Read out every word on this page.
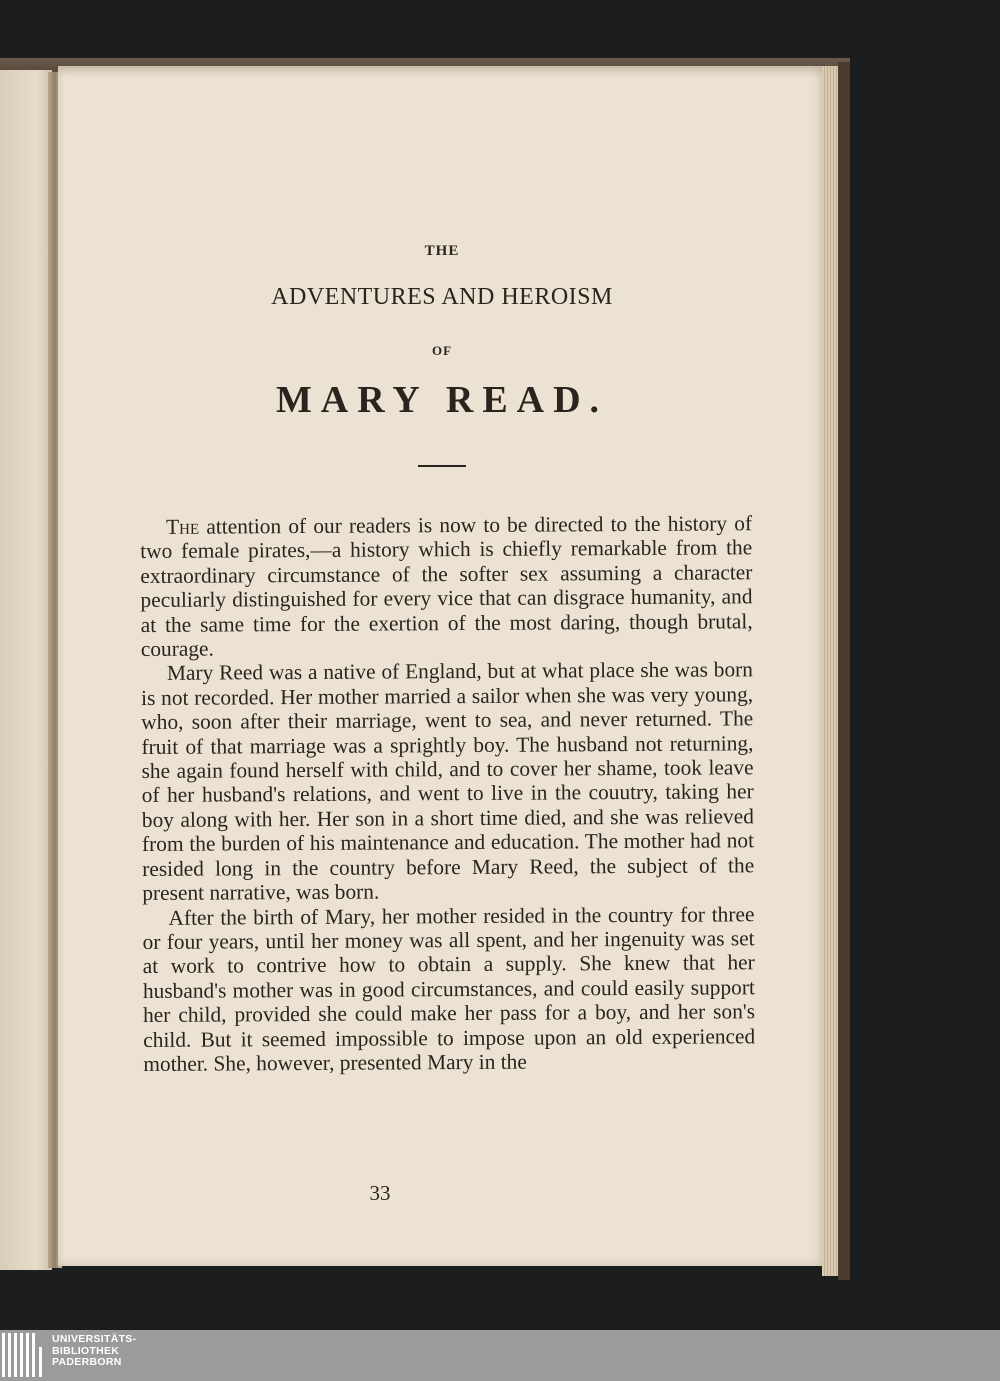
THE
ADVENTURES AND HEROISM
OF
MARY READ.

The attention of our readers is now to be directed to the history of two female pirates,—a history which is chiefly remarkable from the extraordinary circumstance of the softer sex assuming a character peculiarly distinguished for every vice that can disgrace humanity, and at the same time for the exertion of the most daring, though brutal, courage.

Mary Reed was a native of England, but at what place she was born is not recorded. Her mother married a sailor when she was very young, who, soon after their marriage, went to sea, and never returned. The fruit of that marriage was a sprightly boy. The husband not returning, she again found herself with child, and to cover her shame, took leave of her husband's relations, and went to live in the couutry, taking her boy along with her. Her son in a short time died, and she was relieved from the burden of his maintenance and education. The mother had not resided long in the country before Mary Reed, the subject of the present narrative, was born.

After the birth of Mary, her mother resided in the country for three or four years, until her money was all spent, and her ingenuity was set at work to contrive how to obtain a supply. She knew that her husband's mother was in good circumstances, and could easily support her child, provided she could make her pass for a boy, and her son's child. But it seemed impossible to impose upon an old experienced mother. She, however, presented Mary in the

33
UNIVERSITÄTS-
BIBLIOTHEK
PADERBORN
